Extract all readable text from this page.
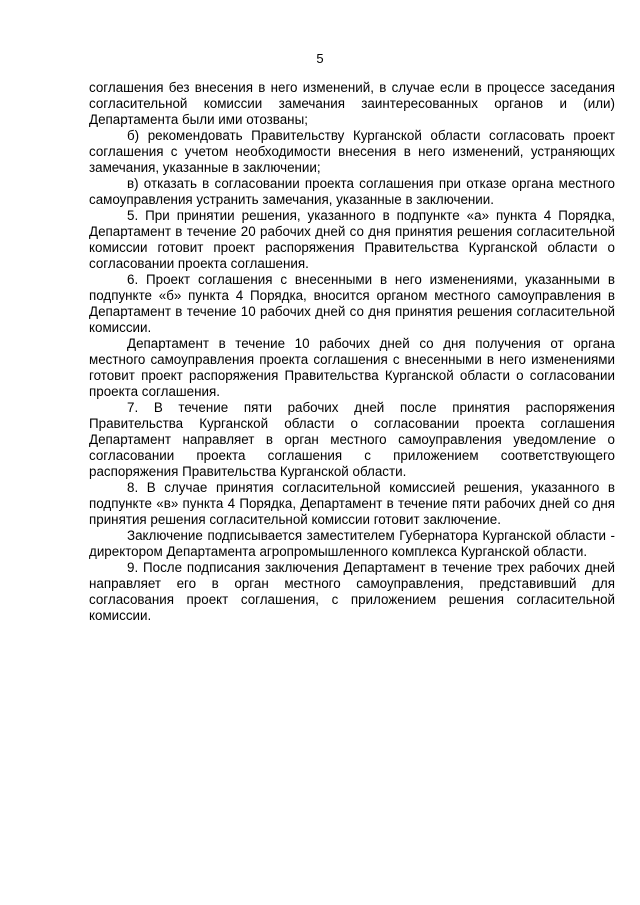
5

соглашения без внесения в него изменений, в случае если в процессе заседания согласительной комиссии замечания заинтересованных органов и (или) Департамента были ими отозваны;

б) рекомендовать Правительству Курганской области согласовать проект соглашения с учетом необходимости внесения в него изменений, устраняющих замечания, указанные в заключении;

в) отказать в согласовании проекта соглашения при отказе органа местного самоуправления устранить замечания, указанные в заключении.

5. При принятии решения, указанного в подпункте «а» пункта 4 Порядка, Департамент в течение 20 рабочих дней со дня принятия решения согласительной комиссии готовит проект распоряжения Правительства Курганской области о согласовании проекта соглашения.

6. Проект соглашения с внесенными в него изменениями, указанными в подпункте «б» пункта 4 Порядка, вносится органом местного самоуправления в Департамент в течение 10 рабочих дней со дня принятия решения согласительной комиссии.

Департамент в течение 10 рабочих дней со дня получения от органа местного самоуправления проекта соглашения с внесенными в него изменениями готовит проект распоряжения Правительства Курганской области о согласовании проекта соглашения.

7. В течение пяти рабочих дней после принятия распоряжения Правительства Курганской области о согласовании проекта соглашения Департамент направляет в орган местного самоуправления уведомление о согласовании проекта соглашения с приложением соответствующего распоряжения Правительства Курганской области.

8. В случае принятия согласительной комиссией решения, указанного в подпункте «в» пункта 4 Порядка, Департамент в течение пяти рабочих дней со дня принятия решения согласительной комиссии готовит заключение.

Заключение подписывается заместителем Губернатора Курганской области - директором Департамента агропромышленного комплекса Курганской области.

9. После подписания заключения Департамент в течение трех рабочих дней направляет его в орган местного самоуправления, представивший для согласования проект соглашения, с приложением решения согласительной комиссии.
